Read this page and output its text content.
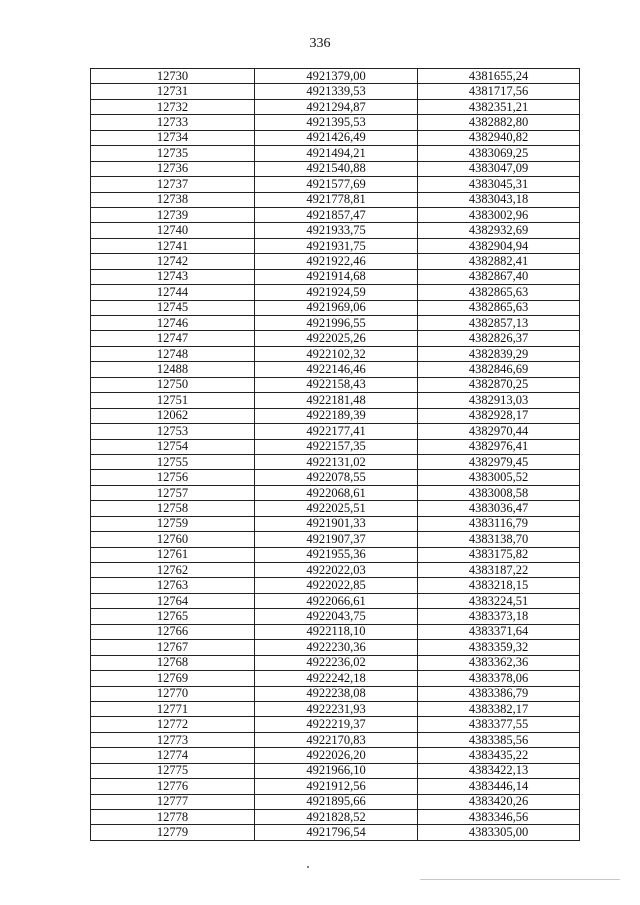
336
12730	4921379,00	4381655,24
12731	4921339,53	4381717,56
12732	4921294,87	4382351,21
12733	4921395,53	4382882,80
12734	4921426,49	4382940,82
12735	4921494,21	4383069,25
12736	4921540,88	4383047,09
12737	4921577,69	4383045,31
12738	4921778,81	4383043,18
12739	4921857,47	4383002,96
12740	4921933,75	4382932,69
12741	4921931,75	4382904,94
12742	4921922,46	4382882,41
12743	4921914,68	4382867,40
12744	4921924,59	4382865,63
12745	4921969,06	4382865,63
12746	4921996,55	4382857,13
12747	4922025,26	4382826,37
12748	4922102,32	4382839,29
12488	4922146,46	4382846,69
12750	4922158,43	4382870,25
12751	4922181,48	4382913,03
12062	4922189,39	4382928,17
12753	4922177,41	4382970,44
12754	4922157,35	4382976,41
12755	4922131,02	4382979,45
12756	4922078,55	4383005,52
12757	4922068,61	4383008,58
12758	4922025,51	4383036,47
12759	4921901,33	4383116,79
12760	4921907,37	4383138,70
12761	4921955,36	4383175,82
12762	4922022,03	4383187,22
12763	4922022,85	4383218,15
12764	4922066,61	4383224,51
12765	4922043,75	4383373,18
12766	4922118,10	4383371,64
12767	4922230,36	4383359,32
12768	4922236,02	4383362,36
12769	4922242,18	4383378,06
12770	4922238,08	4383386,79
12771	4922231,93	4383382,17
12772	4922219,37	4383377,55
12773	4922170,83	4383385,56
12774	4922026,20	4383435,22
12775	4921966,10	4383422,13
12776	4921912,56	4383446,14
12777	4921895,66	4383420,26
12778	4921828,52	4383346,56
12779	4921796,54	4383305,00
